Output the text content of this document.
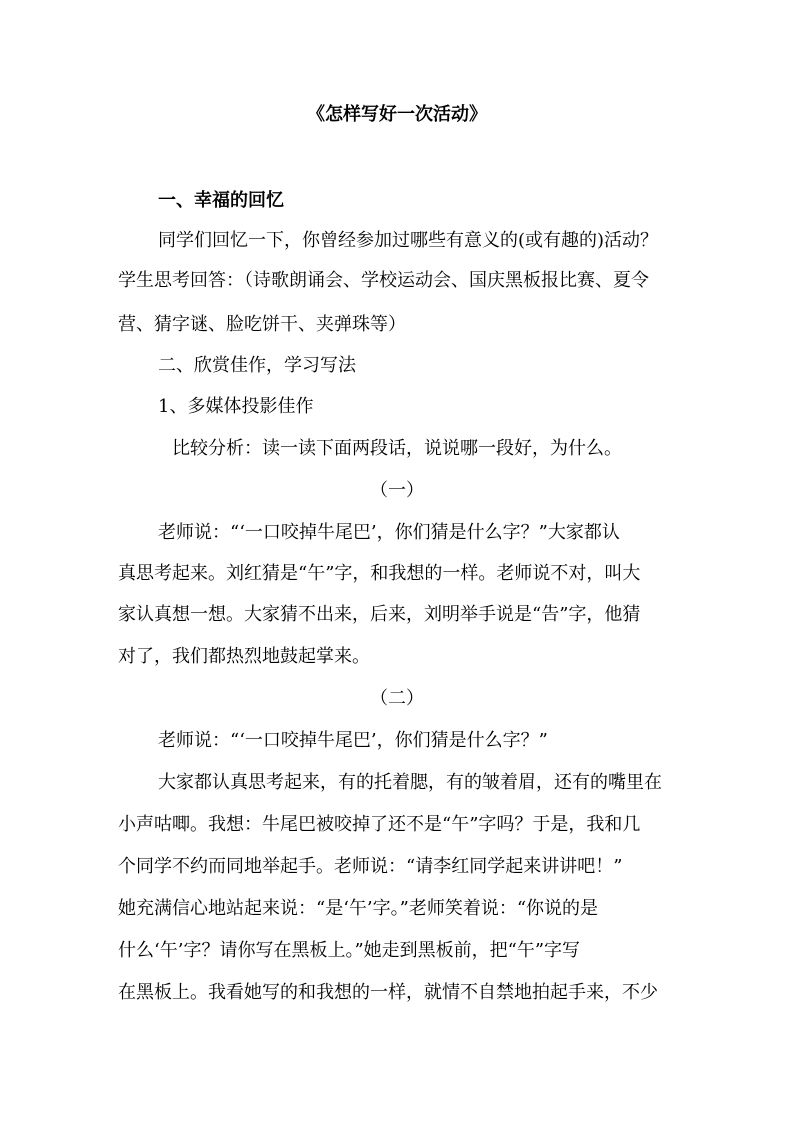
《怎样写好一次活动》
一、幸福的回忆
同学们回忆一下，你曾经参加过哪些有意义的(或有趣的)活动？
学生思考回答：（诗歌朗诵会、学校运动会、国庆黑板报比赛、夏令
营、猜字谜、脸吃饼干、夹弹珠等）
二、欣赏佳作，学习写法
1、多媒体投影佳作
比较分析：读一读下面两段话，说说哪一段好，为什么。
（一）
老师说：“‘一口咬掉牛尾巴’，你们猜是什么字？”大家都认
真思考起来。刘红猜是“午”字，和我想的一样。老师说不对，叫大
家认真想一想。大家猜不出来，后来，刘明举手说是“告”字，他猜
对了，我们都热烈地鼓起掌来。
（二）
老师说：“‘一口咬掉牛尾巴’，你们猜是什么字？”
大家都认真思考起来，有的托着腮，有的皱着眉，还有的嘴里在
小声咕唧。我想：牛尾巴被咬掉了还不是“午”字吗？于是，我和几
个同学不约而同地举起手。老师说：“请李红同学起来讲讲吧！”
她充满信心地站起来说：“是‘午’字。”老师笑着说：“你说的是
什么‘午’字？请你写在黑板上。”她走到黑板前，把“午”字写
在黑板上。我看她写的和我想的一样，就情不自禁地拍起手来，不少
